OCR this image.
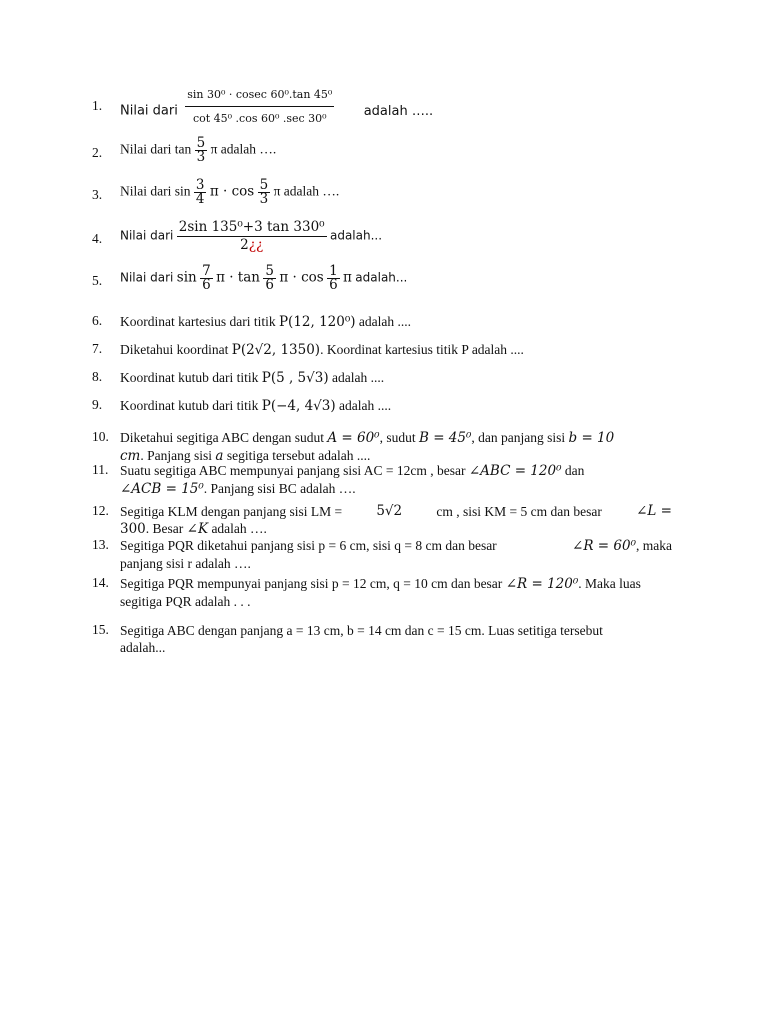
1. Nilai dari $\frac{\text{sin 30⁰ · cosec 60⁰.tan 45⁰}}{\text{cot 45⁰ .cos 60⁰ .sec 30⁰}}$ adalah …..
2. Nilai dari $\tan \frac{5}{3}$ π adalah ….
3. Nilai dari $\sin \frac{3}{4}$ $\pi \cdot \cos \frac{5}{3}$ π adalah ….
4. Nilai dari $\frac{\text{2sin 135⁰+3 tan 330⁰}}{2¿¿}$ adalah...
5. Nilai dari $\sin \frac{7}{6}$ $\pi \cdot \tan \frac{5}{6}$ $\pi \cdot \cos \frac{1}{6}$ π adalah...
6. Koordinat kartesius dari titik P(12, 120⁰) adalah ....
7. Diketahui koordinat P(2√2, 1350). Koordinat kartesius titik P adalah ....
8. Koordinat kutub dari titik P(5 , 5√3) adalah ....
9. Koordinat kutub dari titik P(−4, 4√3) adalah ....
10. Diketahui segitiga ABC dengan sudut A = 60⁰, sudut B = 45⁰, dan panjang sisi b = 10
cm. Panjang sisi a segitiga tersebut adalah ....
11. Suatu segitiga ABC mempunyai panjang sisi AC = 12cm , besar ∠ABC = 120⁰ dan
∠ACB = 15⁰. Panjang sisi BC adalah ….
12. Segitiga KLM dengan panjang sisi LM =	5√2	cm , sisi KM = 5 cm dan besar	∠L =
300. Besar ∠K adalah ….
13. Segitiga PQR diketahui panjang sisi p = 6 cm, sisi q = 8 cm dan besar	∠R = 60⁰, maka
panjang sisi r adalah ….
14. Segitiga PQR mempunyai panjang sisi p = 12 cm, q = 10 cm dan besar ∠R = 120⁰. Maka luas
segitiga PQR adalah . . .
15. Segitiga ABC dengan panjang a = 13 cm, b = 14 cm dan c = 15 cm. Luas setitiga tersebut
adalah...
